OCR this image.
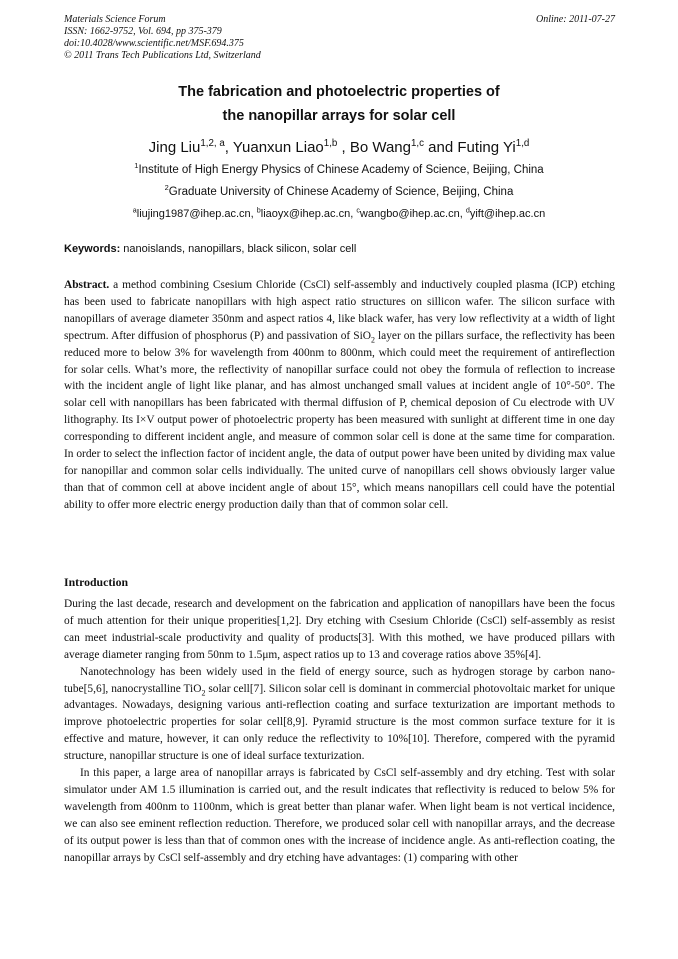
Materials Science Forum
ISSN: 1662-9752, Vol. 694, pp 375-379
doi:10.4028/www.scientific.net/MSF.694.375
© 2011 Trans Tech Publications Ltd, Switzerland
Online: 2011-07-27
The fabrication and photoelectric properties of
the nanopillar arrays for solar cell
Jing Liu$^{1,2, a}$, Yuanxun Liao$^{1,b}$ , Bo Wang$^{1,c}$ and Futing Yi$^{1,d}$
$^1$Institute of High Energy Physics of Chinese Academy of Science, Beijing, China
$^2$Graduate University of Chinese Academy of Science, Beijing, China
$^a$liujing1987@ihep.ac.cn, $^b$liaoyx@ihep.ac.cn, $^c$wangbo@ihep.ac.cn, $^d$yift@ihep.ac.cn
Keywords: nanoislands, nanopillars, black silicon, solar cell
Abstract. a method combining Csesium Chloride (CsCl) self-assembly and inductively coupled plasma (ICP) etching has been used to fabricate nanopillars with high aspect ratio structures on sillicon wafer. The silicon surface with nanopillars of average diameter 350nm and aspect ratios 4, like black wafer, has very low reflectivity at a width of light spectrum. After diffusion of phosphorus (P) and passivation of SiO$_2$ layer on the pillars surface, the reflectivity has been reduced more to below 3% for wavelength from 400nm to 800nm, which could meet the requirement of antireflection for solar cells. What’s more, the reflectivity of nanopillar surface could not obey the formula of reflection to increase with the incident angle of light like planar, and has almost unchanged small values at incident angle of 10°-50°. The solar cell with nanopillars has been fabricated with thermal diffusion of P, chemical deposion of Cu electrode with UV lithography. Its I×V output power of photoelectric property has been measured with sunlight at different time in one day corresponding to different incident angle, and measure of common solar cell is done at the same time for comparation. In order to select the inflection factor of incident angle, the data of output power have been united by dividing max value for nanopillar and common solar cells individually. The united curve of nanopillars cell shows obviously larger value than that of common cell at above incident angle of about 15°, which means nanopillars cell could have the potential ability to offer more electric energy production daily than that of common solar cell.
Introduction

During the last decade, research and development on the fabrication and application of nanopillars have been the focus of much attention for their unique properities[1,2]. Dry etching with Csesium Chloride (CsCl) self-assembly as resist can meet industrial-scale productivity and quality of products[3]. With this mothed, we have produced pillars with average diameter ranging from 50nm to 1.5μm, aspect ratios up to 13 and coverage ratios above 35%[4].

Nanotechnology has been widely used in the field of energy source, such as hydrogen storage by carbon nano-tube[5,6], nanocrystalline TiO$_2$ solar cell[7]. Silicon solar cell is dominant in commercial photovoltaic market for unique advantages. Nowadays, designing various anti-reflection coating and surface texturization are important methods to improve photoelectric properties for solar cell[8,9]. Pyramid structure is the most common surface texture for it is effective and mature, however, it can only reduce the reflectivity to 10%[10]. Therefore, compered with the pyramid structure, nanopillar structure is one of ideal surface texturization.

In this paper, a large area of nanopillar arrays is fabricated by CsCl self-assembly and dry etching. Test with solar simulator under AM 1.5 illumination is carried out, and the result indicates that reflectivity is reduced to below 5% for wavelength from 400nm to 1100nm, which is great better than planar wafer. When light beam is not vertical incidence, we can also see eminent reflection reduction. Therefore, we produced solar cell with nanopillar arrays, and the decrease of its output power is less than that of common ones with the increase of incidence angle. As anti-reflection coating, the nanopillar arrays by CsCl self-assembly and dry etching have advantages: (1) comparing with other
